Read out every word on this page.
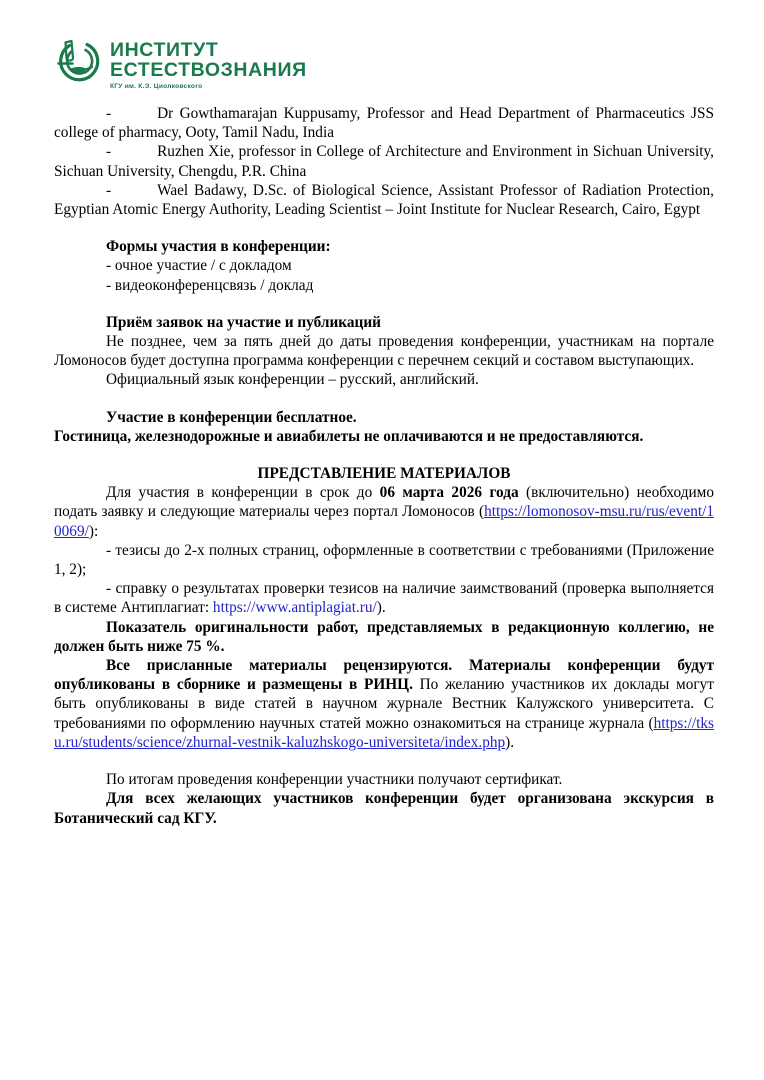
ИНСТИТУТ
ЕСТЕСТВОЗНАНИЯ
КГУ им. К.Э. Циолковского

-	Dr Gowthamarajan Kuppusamy, Professor and Head Department of Pharmaceutics JSS college of pharmacy, Ooty, Tamil Nadu, India

-	Ruzhen Xie, professor in College of Architecture and Environment in Sichuan University, Sichuan University, Chengdu, P.R. China

-	Wael Badawy, D.Sc. of Biological Science, Assistant Professor of Radiation Protection, Egyptian Atomic Energy Authority, Leading Scientist – Joint Institute for Nuclear Research, Cairo, Egypt

Формы участия в конференции:

- очное участие / с докладом

- видеоконференцсвязь / доклад

Приём заявок на участие и публикаций

Не позднее, чем за пять дней до даты проведения конференции, участникам на портале Ломоносов будет доступна программа конференции с перечнем секций и составом выступающих.

Официальный язык конференции – русский, английский.

Участие в конференции бесплатное.

Гостиница, железнодорожные и авиабилеты не оплачиваются и не предоставляются.

ПРЕДСТАВЛЕНИЕ МАТЕРИАЛОВ

Для участия в конференции в срок до 06 марта 2026 года (включительно) необходимо подать заявку и следующие материалы через портал Ломоносов (https://lomonosov-msu.ru/rus/event/10069/):

- тезисы до 2-х полных страниц, оформленные в соответствии с требованиями (Приложение 1, 2);

- справку о результатах проверки тезисов на наличие заимствований (проверка выполняется в системе Антиплагиат: https://www.antiplagiat.ru/).

Показатель оригинальности работ, представляемых в редакционную коллегию, не должен быть ниже 75 %.

Все присланные материалы рецензируются. Материалы конференции будут опубликованы в сборнике и размещены в РИНЦ. По желанию участников их доклады могут быть опубликованы в виде статей в научном журнале Вестник Калужского университета. С требованиями по оформлению научных статей можно ознакомиться на странице журнала (https://tksu.ru/students/science/zhurnal-vestnik-kaluzhskogo-universiteta/index.php).

По итогам проведения конференции участники получают сертификат.

Для всех желающих участников конференции будет организована экскурсия в Ботанический сад КГУ.
